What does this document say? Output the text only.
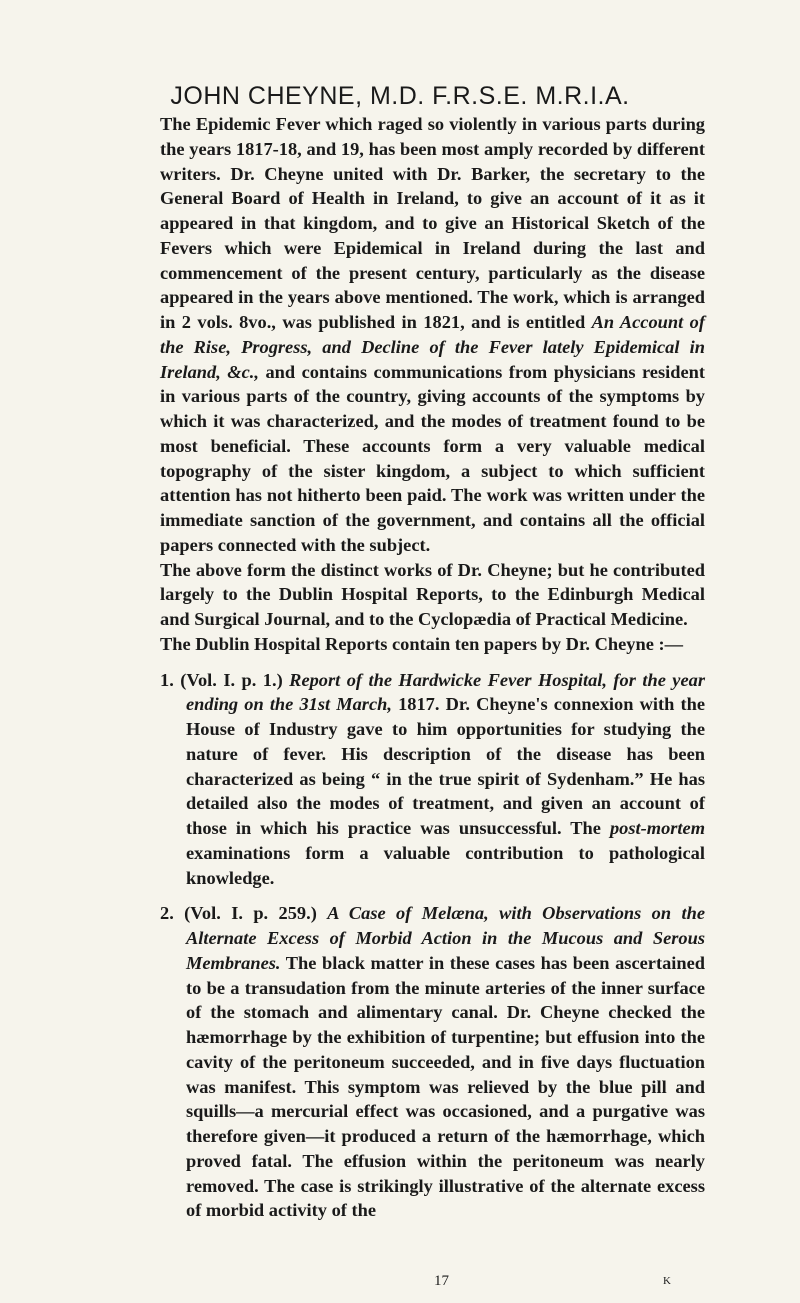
JOHN CHEYNE, M.D. F.R.S.E. M.R.I.A.

The Epidemic Fever which raged so violently in various parts during the years 1817-18, and 19, has been most amply recorded by different writers. Dr. Cheyne united with Dr. Barker, the secretary to the General Board of Health in Ireland, to give an account of it as it appeared in that kingdom, and to give an Historical Sketch of the Fevers which were Epidemical in Ireland during the last and commencement of the present century, particularly as the disease appeared in the years above mentioned. The work, which is arranged in 2 vols. 8vo., was published in 1821, and is entitled An Account of the Rise, Progress, and Decline of the Fever lately Epidemical in Ireland, &c., and contains communications from physicians resident in various parts of the country, giving accounts of the symptoms by which it was characterized, and the modes of treatment found to be most beneficial. These accounts form a very valuable medical topography of the sister kingdom, a subject to which sufficient attention has not hitherto been paid. The work was written under the immediate sanction of the government, and contains all the official papers connected with the subject.

The above form the distinct works of Dr. Cheyne; but he contributed largely to the Dublin Hospital Reports, to the Edinburgh Medical and Surgical Journal, and to the Cyclopædia of Practical Medicine.

The Dublin Hospital Reports contain ten papers by Dr. Cheyne :—

1. (Vol. I. p. 1.) Report of the Hardwicke Fever Hospital, for the year ending on the 31st March, 1817. Dr. Cheyne's connexion with the House of Industry gave to him opportunities for studying the nature of fever. His description of the disease has been characterized as being “ in the true spirit of Sydenham.” He has detailed also the modes of treatment, and given an account of those in which his practice was unsuccessful. The post-mortem examinations form a valuable contribution to pathological knowledge.

2. (Vol. I. p. 259.) A Case of Melæna, with Observations on the Alternate Excess of Morbid Action in the Mucous and Serous Membranes. The black matter in these cases has been ascertained to be a transudation from the minute arteries of the inner surface of the stomach and alimentary canal. Dr. Cheyne checked the hæmorrhage by the exhibition of turpentine; but effusion into the cavity of the peritoneum succeeded, and in five days fluctuation was manifest. This symptom was relieved by the blue pill and squills—a mercurial effect was occasioned, and a purgative was therefore given—it produced a return of the hæmorrhage, which proved fatal. The effusion within the peritoneum was nearly removed. The case is strikingly illustrative of the alternate excess of morbid activity of the

17	K
